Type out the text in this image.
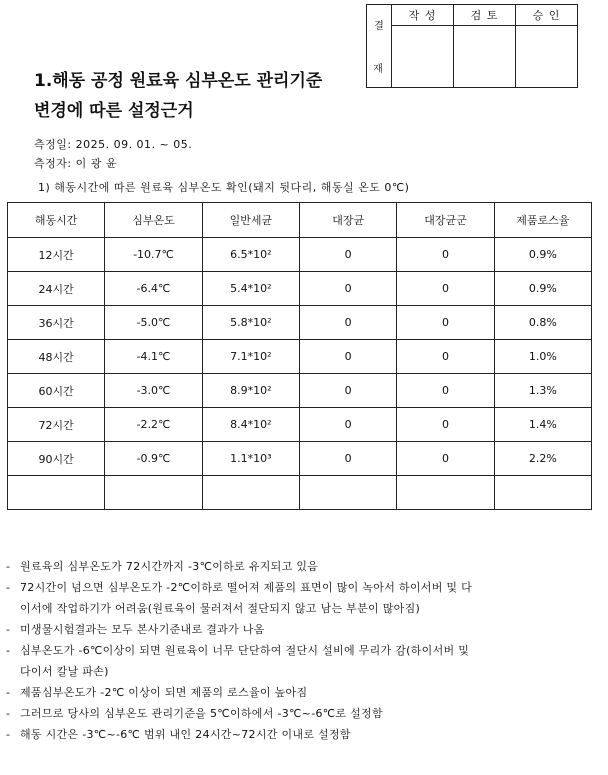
결	작 성	검 토	승 인

재
1.해동 공정 원료육 심부온도 관리기준
변경에 따른 설정근거
측정일: 2025. 09. 01. ~ 05.
측정자: 이 광 윤
1) 해동시간에 따른 원료육 심부온도 확인(돼지 뒷다리, 해동실 온도 0℃)
해동시간	심부온도	일반세균	대장균	대장균군	제품로스율
12시간	-10.7℃	6.5*10²	0	0	0.9%
24시간	-6.4℃	5.4*10²	0	0	0.9%
36시간	-5.0℃	5.8*10²	0	0	0.8%
48시간	-4.1℃	7.1*10²	0	0	1.0%
60시간	-3.0℃	8.9*10²	0	0	1.3%
72시간	-2.2℃	8.4*10²	0	0	1.4%
90시간	-0.9℃	1.1*10³	0	0	2.2%

- 원료육의 심부온도가 72시간까지 -3℃이하로 유지되고 있음
- 72시간이 넘으면 심부온도가 -2℃이하로 떨어져 제품의 표면이 많이 녹아서 하이서버 및 다
이서에 작업하기가 어려움(원료육이 물러져서 절단되지 않고 남는 부분이 많아짐)
- 미생물시험결과는 모두 본사기준내로 결과가 나옴
- 심부온도가 -6℃이상이 되면 원료육이 너무 단단하여 절단시 설비에 무리가 감(하이서버 및
다이서 칼날 파손)
- 제품심부온도가 -2℃ 이상이 되면 제품의 로스율이 높아짐
- 그러므로 당사의 심부온도 관리기준을 5℃이하에서 -3℃~-6℃로 설정함
- 해동 시간은 -3℃~-6℃ 범위 내인 24시간~72시간 이내로 설정함
